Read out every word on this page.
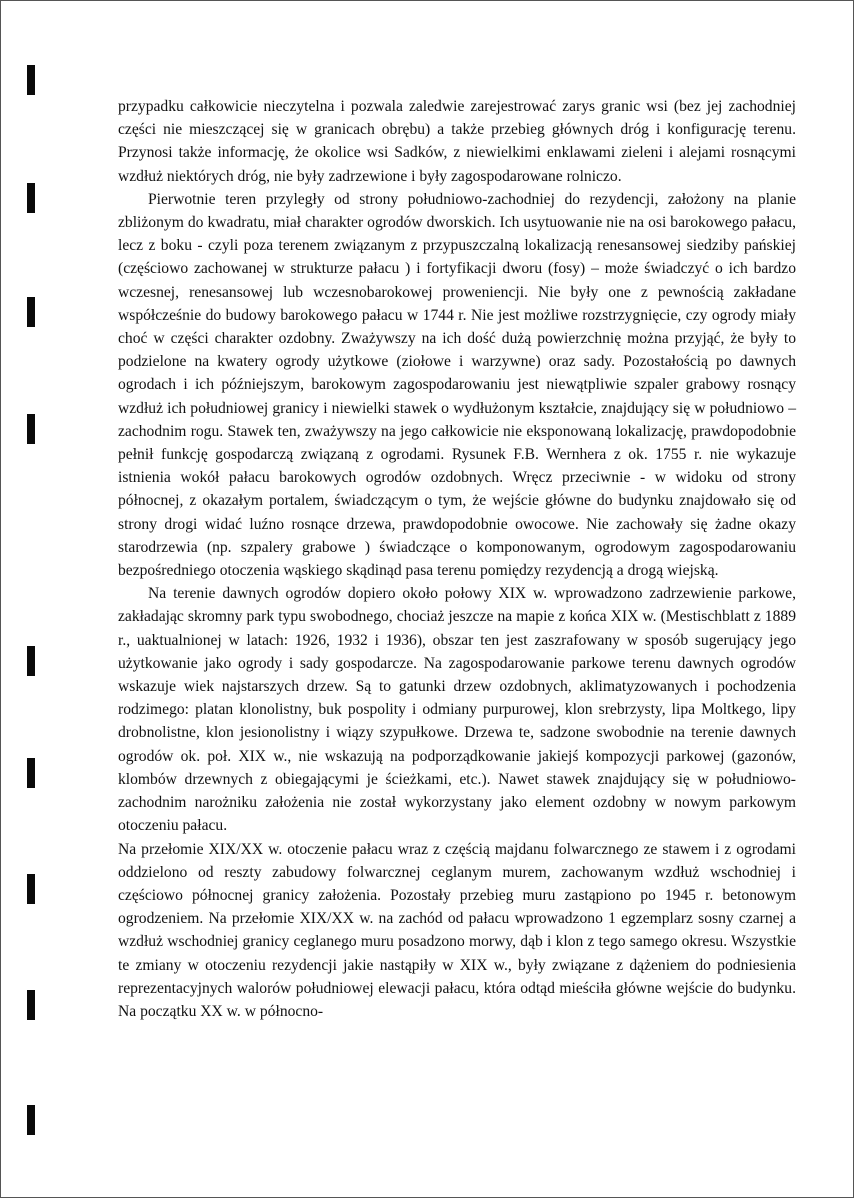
przypadku całkowicie nieczytelna i pozwala zaledwie zarejestrować zarys granic wsi (bez jej zachodniej części nie mieszczącej się w granicach obrębu) a także przebieg głównych dróg i konfigurację terenu. Przynosi także informację, że okolice wsi Sadków, z niewielkimi enklawami zieleni i alejami rosnącymi wzdłuż niektórych dróg, nie były zadrzewione i były zagospodarowane rolniczo.

Pierwotnie teren przyległy od strony południowo-zachodniej do rezydencji, założony na planie zbliżonym do kwadratu, miał charakter ogrodów dworskich. Ich usytuowanie nie na osi barokowego pałacu, lecz z boku - czyli poza terenem związanym z przypuszczalną lokalizacją renesansowej siedziby pańskiej (częściowo zachowanej w strukturze pałacu ) i fortyfikacji dworu (fosy) – może świadczyć o ich bardzo wczesnej, renesansowej lub wczesnobarokowej proweniencji. Nie były one z pewnością zakładane współcześnie do budowy barokowego pałacu w 1744 r. Nie jest możliwe rozstrzygnięcie, czy ogrody miały choć w części charakter ozdobny. Zważywszy na ich dość dużą powierzchnię można przyjąć, że były to podzielone na kwatery ogrody użytkowe (ziołowe i warzywne) oraz sady. Pozostałością po dawnych ogrodach i ich późniejszym, barokowym zagospodarowaniu jest niewątpliwie szpaler grabowy rosnący wzdłuż ich południowej granicy i niewielki stawek o wydłużonym kształcie, znajdujący się w południowo – zachodnim rogu. Stawek ten, zważywszy na jego całkowicie nie eksponowaną lokalizację, prawdopodobnie pełnił funkcję gospodarczą związaną z ogrodami. Rysunek F.B. Wernhera z ok. 1755 r. nie wykazuje istnienia wokół pałacu barokowych ogrodów ozdobnych. Wręcz przeciwnie - w widoku od strony północnej, z okazałym portalem, świadczącym o tym, że wejście główne do budynku znajdowało się od strony drogi widać luźno rosnące drzewa, prawdopodobnie owocowe. Nie zachowały się żadne okazy starodrzewia (np. szpalery grabowe ) świadczące o komponowanym, ogrodowym zagospodarowaniu bezpośredniego otoczenia wąskiego skądinąd pasa terenu pomiędzy rezydencją a drogą wiejską.

Na terenie dawnych ogrodów dopiero około połowy XIX w. wprowadzono zadrzewienie parkowe, zakładając skromny park typu swobodnego, chociaż jeszcze na mapie z końca XIX w. (Mestischblatt z 1889 r., uaktualnionej w latach: 1926, 1932 i 1936), obszar ten jest zaszrafowany w sposób sugerujący jego użytkowanie jako ogrody i sady gospodarcze. Na zagospodarowanie parkowe terenu dawnych ogrodów wskazuje wiek najstarszych drzew. Są to gatunki drzew ozdobnych, aklimatyzowanych i pochodzenia rodzimego: platan klonolistny, buk pospolity i odmiany purpurowej, klon srebrzysty, lipa Moltkego, lipy drobnolistne, klon jesionolistny i wiązy szypułkowe. Drzewa te, sadzone swobodnie na terenie dawnych ogrodów ok. poł. XIX w., nie wskazują na podporządkowanie jakiejś kompozycji parkowej (gazonów, klombów drzewnych z obiegającymi je ścieżkami, etc.). Nawet stawek znajdujący się w południowo-zachodnim narożniku założenia nie został wykorzystany jako element ozdobny w nowym parkowym otoczeniu pałacu.

Na przełomie XIX/XX w. otoczenie pałacu wraz z częścią majdanu folwarcznego ze stawem i z ogrodami oddzielono od reszty zabudowy folwarcznej ceglanym murem, zachowanym wzdłuż wschodniej i częściowo północnej granicy założenia. Pozostały przebieg muru zastąpiono po 1945 r. betonowym ogrodzeniem. Na przełomie XIX/XX w. na zachód od pałacu wprowadzono 1 egzemplarz sosny czarnej a wzdłuż wschodniej granicy ceglanego muru posadzono morwy, dąb i klon z tego samego okresu. Wszystkie te zmiany w otoczeniu rezydencji jakie nastąpiły w XIX w., były związane z dążeniem do podniesienia reprezentacyjnych walorów południowej elewacji pałacu, która odtąd mieściła główne wejście do budynku. Na początku XX w. w północno-
